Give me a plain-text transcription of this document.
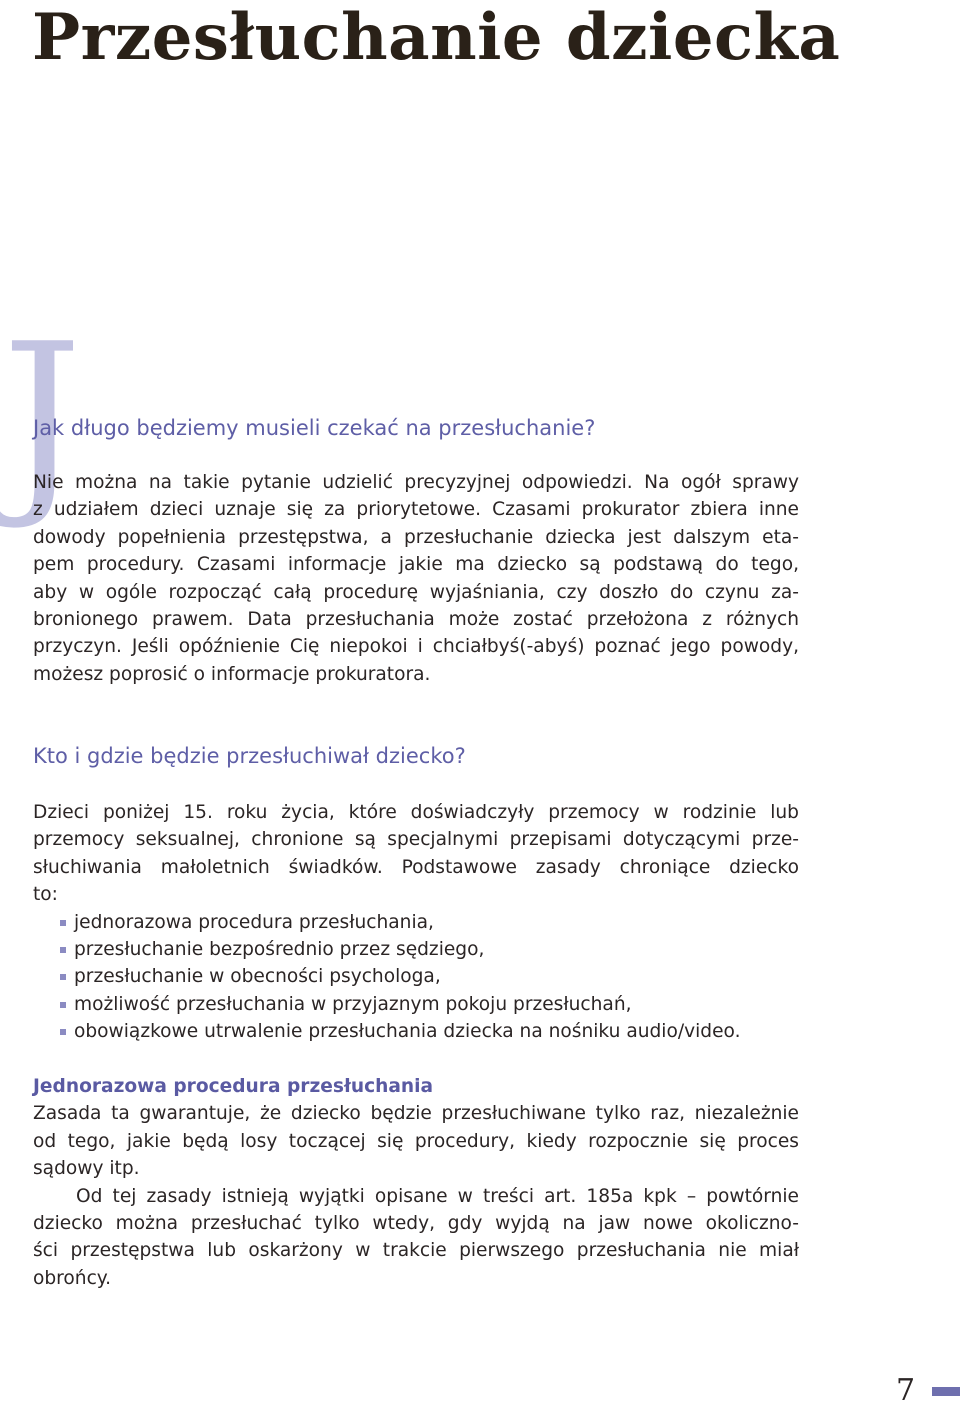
Przesłuchanie dziecka
J
Jak długo będziemy musieli czekać na przesłuchanie?
Nie można na takie pytanie udzielić precyzyjnej odpowiedzi. Na ogół sprawy
z udziałem dzieci uznaje się za priorytetowe. Czasami prokurator zbiera inne
dowody popełnienia przestępstwa, a przesłuchanie dziecka jest dalszym eta-
pem procedury. Czasami informacje jakie ma dziecko są podstawą do tego,
aby w ogóle rozpocząć całą procedurę wyjaśniania, czy doszło do czynu za-
bronionego prawem. Data przesłuchania może zostać przełożona z różnych
przyczyn. Jeśli opóźnienie Cię niepokoi i chciałbyś(-abyś) poznać jego powody,
możesz poprosić o informacje prokuratora.
Kto i gdzie będzie przesłuchiwał dziecko?
Dzieci poniżej 15. roku życia, które doświadczyły przemocy w rodzinie lub
przemocy seksualnej, chronione są specjalnymi przepisami dotyczącymi prze-
słuchiwania małoletnich świadków. Podstawowe zasady chroniące dziecko
to:
jednorazowa procedura przesłuchania,
przesłuchanie bezpośrednio przez sędziego,
przesłuchanie w obecności psychologa,
możliwość przesłuchania w przyjaznym pokoju przesłuchań,
obowiązkowe utrwalenie przesłuchania dziecka na nośniku audio/video.
Jednorazowa procedura przesłuchania
Zasada ta gwarantuje, że dziecko będzie przesłuchiwane tylko raz, niezależnie
od tego, jakie będą losy toczącej się procedury, kiedy rozpocznie się proces
sądowy itp.
Od tej zasady istnieją wyjątki opisane w treści art. 185a kpk – powtórnie
dziecko można przesłuchać tylko wtedy, gdy wyjdą na jaw nowe okoliczno-
ści przestępstwa lub oskarżony w trakcie pierwszego przesłuchania nie miał
obrońcy.
7
